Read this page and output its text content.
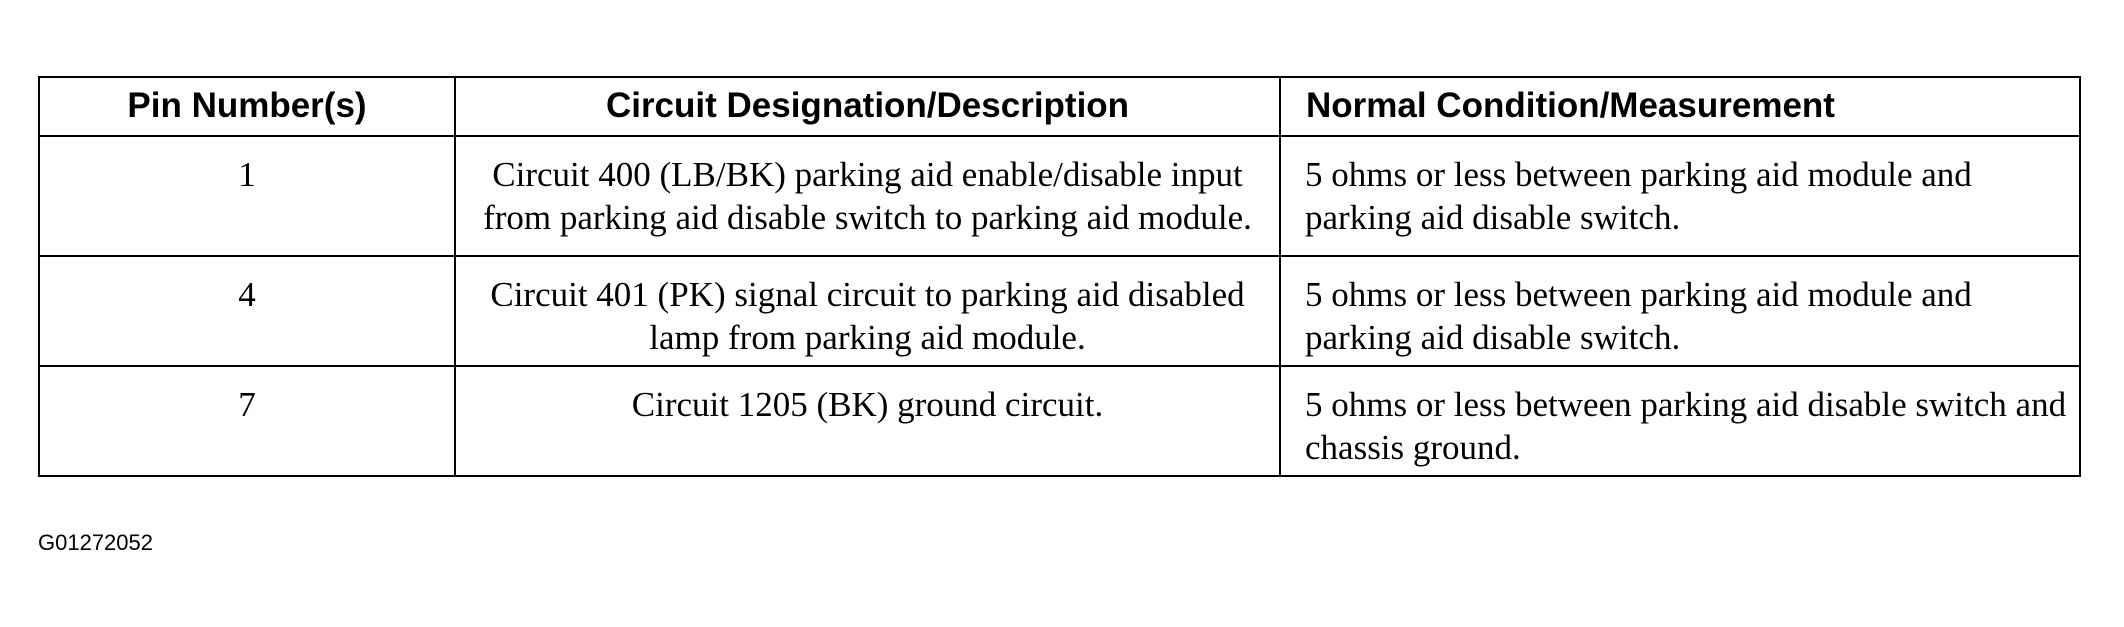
Pin Number(s)	Circuit Designation/Description	Normal Condition/Measurement
1	Circuit 400 (LB/BK) parking aid enable/disable input from parking aid disable switch to parking aid module.	5 ohms or less between parking aid module and parking aid disable switch.
4	Circuit 401 (PK) signal circuit to parking aid disabled lamp from parking aid module.	5 ohms or less between parking aid module and parking aid disable switch.
7	Circuit 1205 (BK) ground circuit.	5 ohms or less between parking aid disable switch and chassis ground.
G01272052
